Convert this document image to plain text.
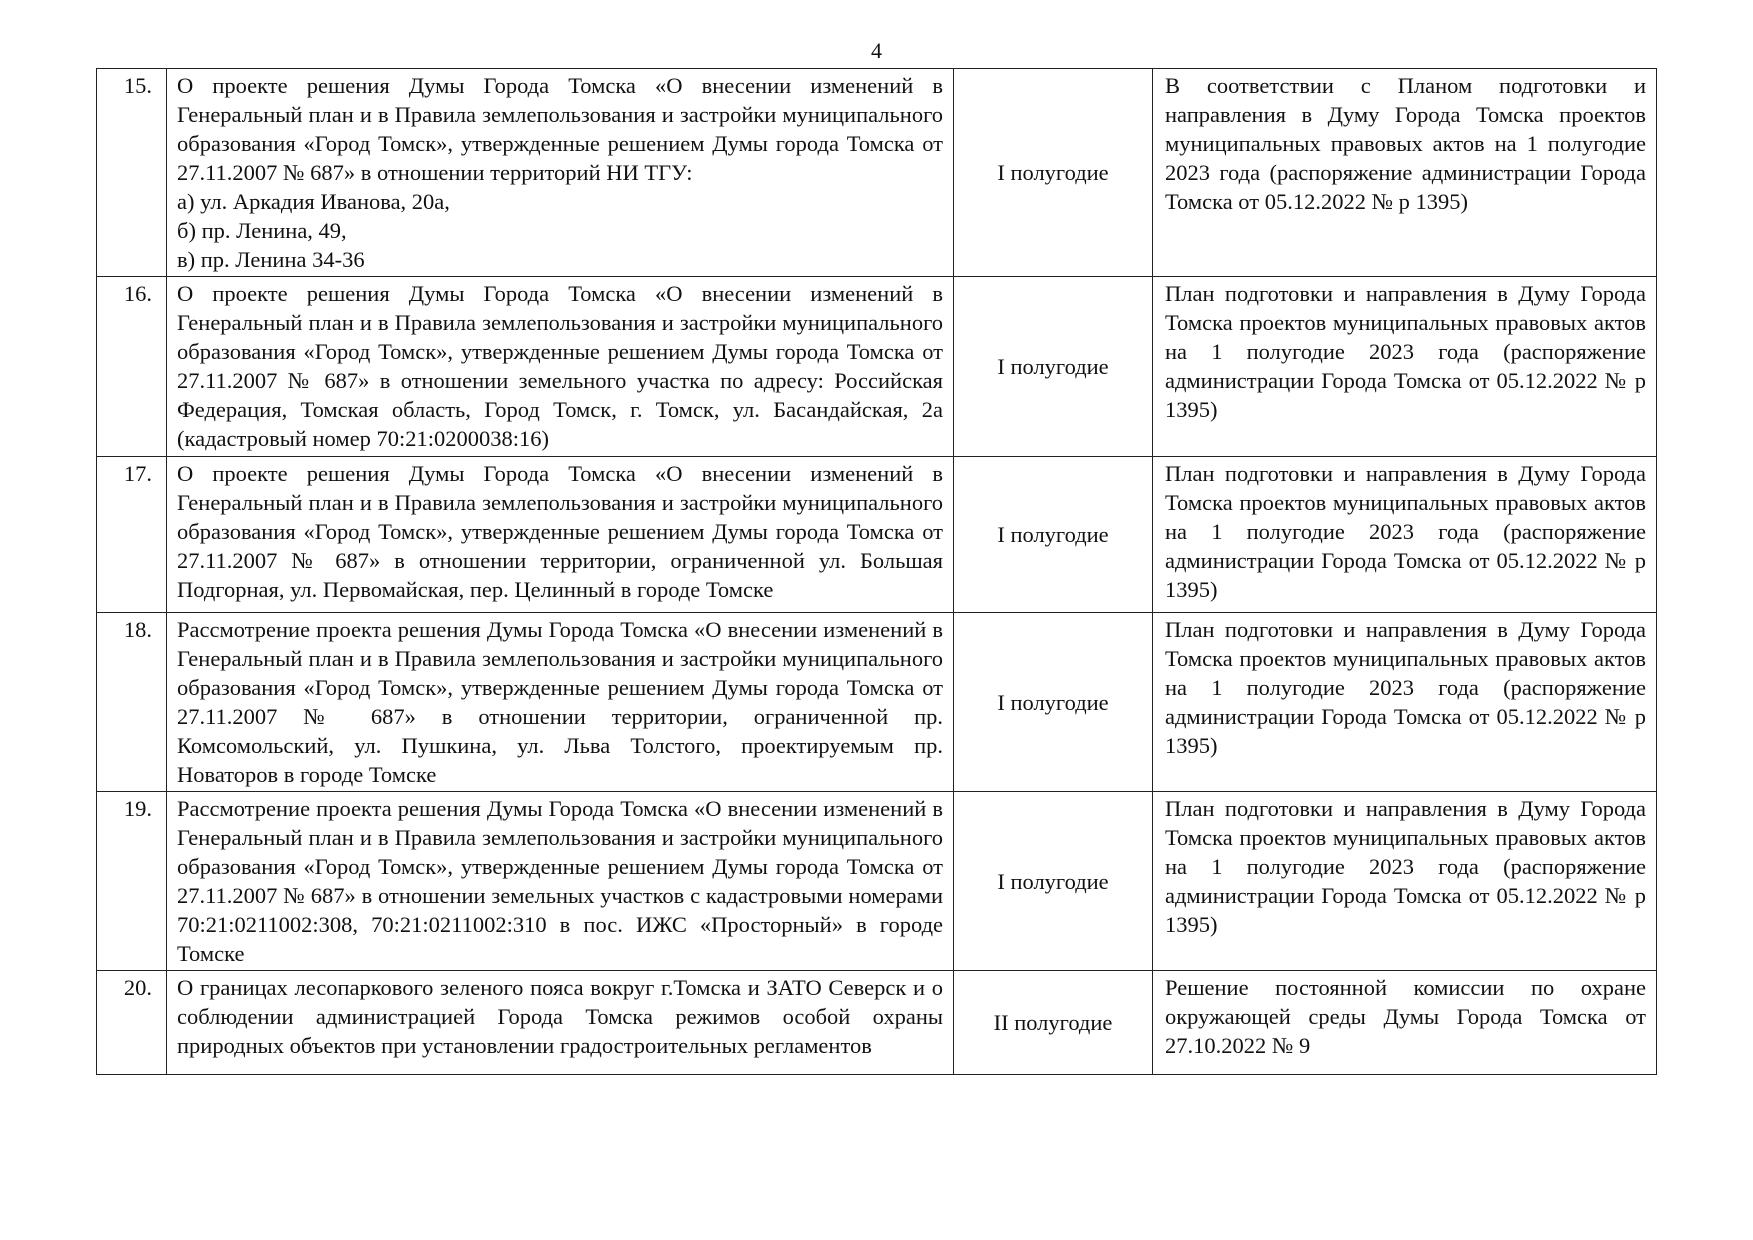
4
15.	О проекте решения Думы Города Томска «О внесении изменений в Генеральный план и в Правила землепользования и застройки муниципального образования «Город Томск», утвержденные решением Думы города Томска от 27.11.2007 № 687» в отношении территорий НИ ТГУ:
а) ул. Аркадия Иванова, 20а,
б) пр. Ленина, 49,
в) пр. Ленина 34-36	I полугодие	В соответствии с Планом подготовки и направления в Думу Города Томска проектов муниципальных правовых актов на 1 полугодие 2023 года (распоряжение администрации Города Томска от 05.12.2022 № р 1395)
16.	О проекте решения Думы Города Томска «О внесении изменений в Генеральный план и в Правила землепользования и застройки муниципального образования «Город Томск», утвержденные решением Думы города Томска от 27.11.2007 № 687» в отношении земельного участка по адресу: Российская Федерация, Томская область, Город Томск, г. Томск, ул. Басандайская, 2а (кадастровый номер 70:21:0200038:16)	I полугодие	План подготовки и направления в Думу Города Томска проектов муниципальных правовых актов на 1 полугодие 2023 года (распоряжение администрации Города Томска от 05.12.2022 № р 1395)
17.	О проекте решения Думы Города Томска «О внесении изменений в Генеральный план и в Правила землепользования и застройки муниципального образования «Город Томск», утвержденные решением Думы города Томска от 27.11.2007 № 687» в отношении территории, ограниченной ул. Большая Подгорная, ул. Первомайская, пер. Целинный в городе Томске	I полугодие	План подготовки и направления в Думу Города Томска проектов муниципальных правовых актов на 1 полугодие 2023 года (распоряжение администрации Города Томска от 05.12.2022 № р 1395)
18.	Рассмотрение проекта решения Думы Города Томска «О внесении изменений в Генеральный план и в Правила землепользования и застройки муниципального образования «Город Томск», утвержденные решением Думы города Томска от 27.11.2007 № 687» в отношении территории, ограниченной пр. Комсомольский, ул. Пушкина, ул. Льва Толстого, проектируемым пр. Новаторов в городе Томске	I полугодие	План подготовки и направления в Думу Города Томска проектов муниципальных правовых актов на 1 полугодие 2023 года (распоряжение администрации Города Томска от 05.12.2022 № р 1395)
19.	Рассмотрение проекта решения Думы Города Томска «О внесении изменений в Генеральный план и в Правила землепользования и застройки муниципального образования «Город Томск», утвержденные решением Думы города Томска от 27.11.2007 № 687» в отношении земельных участков с кадастровыми номерами 70:21:0211002:308, 70:21:0211002:310 в пос. ИЖС «Просторный» в городе Томске	I полугодие	План подготовки и направления в Думу Города Томска проектов муниципальных правовых актов на 1 полугодие 2023 года (распоряжение администрации Города Томска от 05.12.2022 № р 1395)
20.	О границах лесопаркового зеленого пояса вокруг г.Томска и ЗАТО Северск и о соблюдении администрацией Города Томска режимов особой охраны природных объектов при установлении градостроительных регламентов	II полугодие	Решение постоянной комиссии по охране окружающей среды Думы Города Томска от 27.10.2022 № 9
